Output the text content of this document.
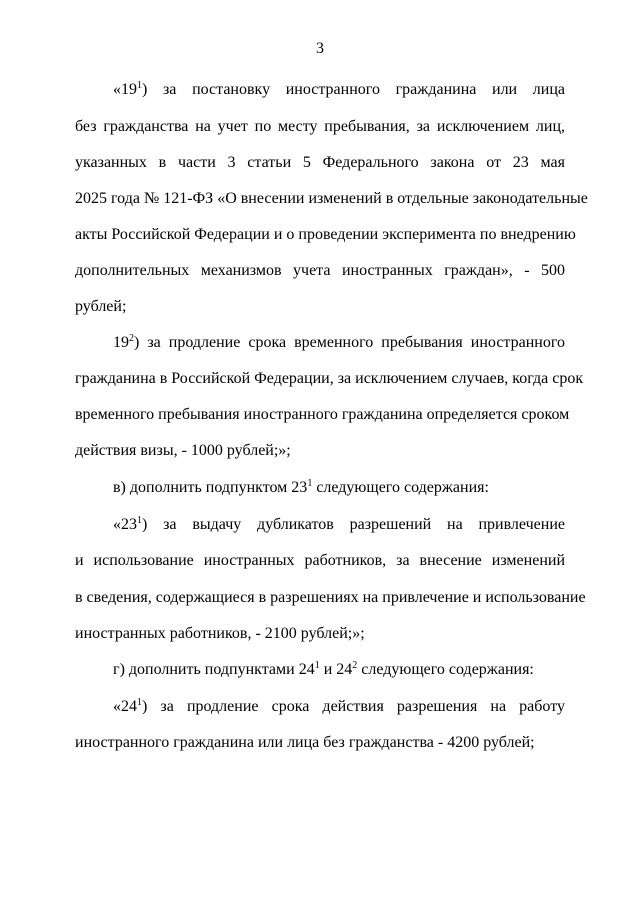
3
«$19^1$) за постановку иностранного гражданина или лица
без гражданства на учет по месту пребывания, за исключением лиц,
указанных в части 3 статьи 5 Федерального закона от 23 мая
2025 года № 121-ФЗ «О внесении изменений в отдельные законодательные
акты Российской Федерации и о проведении эксперимента по внедрению
дополнительных механизмов учета иностранных граждан», - 500
рублей;
$19^2$) за продление срока временного пребывания иностранного
гражданина в Российской Федерации, за исключением случаев, когда срок
временного пребывания иностранного гражданина определяется сроком
действия визы, - 1000 рублей;»;
в) дополнить подпунктом $23^1$ следующего содержания:
«$23^1$) за выдачу дубликатов разрешений на привлечение
и использование иностранных работников, за внесение изменений
в сведения, содержащиеся в разрешениях на привлечение и использование
иностранных работников, - 2100 рублей;»;
г) дополнить подпунктами $24^1$ и $24^2$ следующего содержания:
«$24^1$) за продление срока действия разрешения на работу
иностранного гражданина или лица без гражданства - 4200 рублей;
